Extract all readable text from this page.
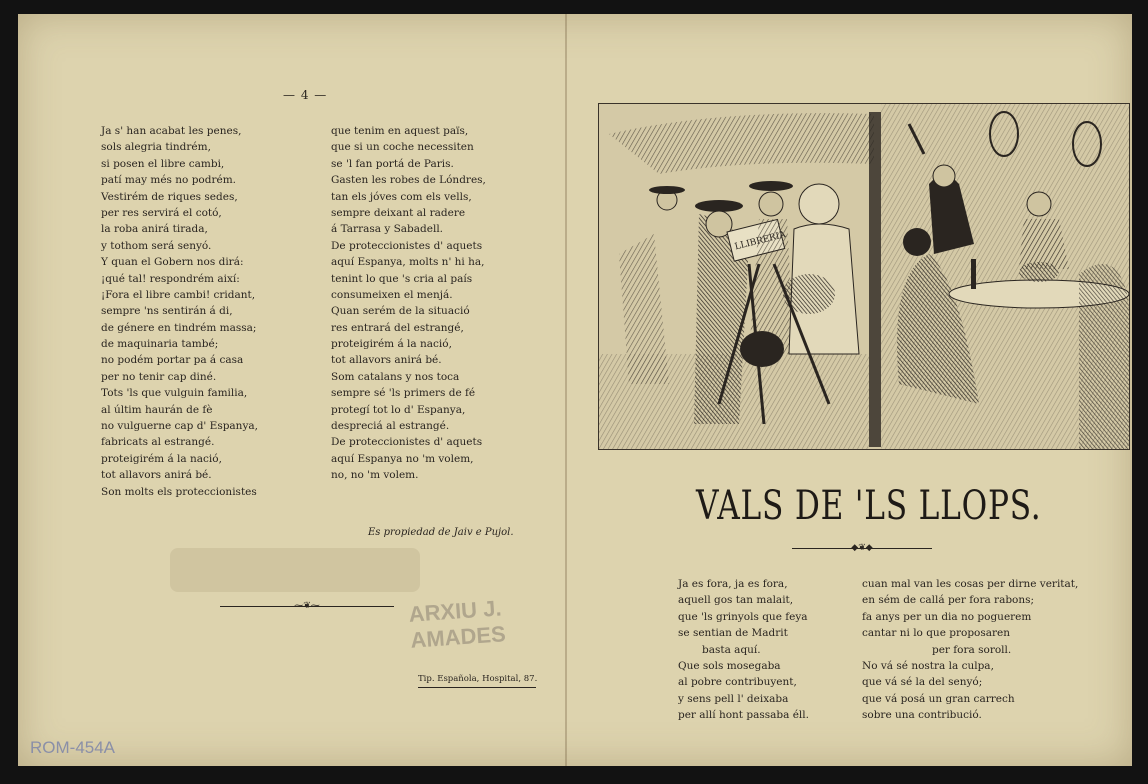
— 4 —
Ja s' han acabat les penes,
sols alegria tindrém,
si posen el libre cambi,
patí may més no podrém.
Vestirém de riques sedes,
per res servirá el cotó,
la roba anirá tirada,
y tothom será senyó.
Y quan el Gobern nos dirá:
¡qué tal! respondrém així:
¡Fora el libre cambi! cridant,
sempre 'ns sentirán á di,
de génere en tindrém massa;
de maquinaria també;
no podém portar pa á casa
per no tenir cap diné.
Tots 'ls que vulguin familia,
al últim haurán de fè
no vulguerne cap d' Espanya,
fabricats al estrangé.
proteigirém á la nació,
tot allavors anirá bé.
Son molts els proteccionistes
que tenim en aquest païs,
que si un coche necessiten
se 'l fan portá de Paris.
Gasten les robes de Lóndres,
tan els jóves com els vells,
sempre deixant al radere
á Tarrasa y Sabadell.
De proteccionistes d' aquets
aquí Espanya, molts n' hi ha,
tenint lo que 's cria al país
consumeixen el menjá.
Quan serém de la situació
res entrará del estrangé,
proteigirém á la nació,
tot allavors anirá bé.
Som catalans y nos toca
sempre sé 'ls primers de fé
protegí tot lo d' Espanya,
despreciá al estrangé.
De proteccionistes d' aquets
aquí Espanya no 'm volem,
no, no 'm volem.
Es propiedad de Jaiv e Pujol.
⁓❦⁓	ARXIU J.
AMADES
Tip. Española, Hospital, 87.
VALS DE 'LS LLOPS.
◆❦◆
Ja es fora, ja es fora,
aquell gos tan malait,
que 'ls grinyols que feya
se sentian de Madrit
basta aquí.
Que sols mosegaba
al pobre contribuyent,
y sens pell l' deixaba
per allí hont passaba éll.
cuan mal van les cosas per dirne veritat,
en sém de callá per fora rabons;
fa anys per un dia no poguerem
cantar ni lo que proposaren
per fora soroll.
No vá sé nostra la culpa,
que vá sé la del senyó;
que vá posá un gran carrech
sobre una contribució.
ROM-454A
